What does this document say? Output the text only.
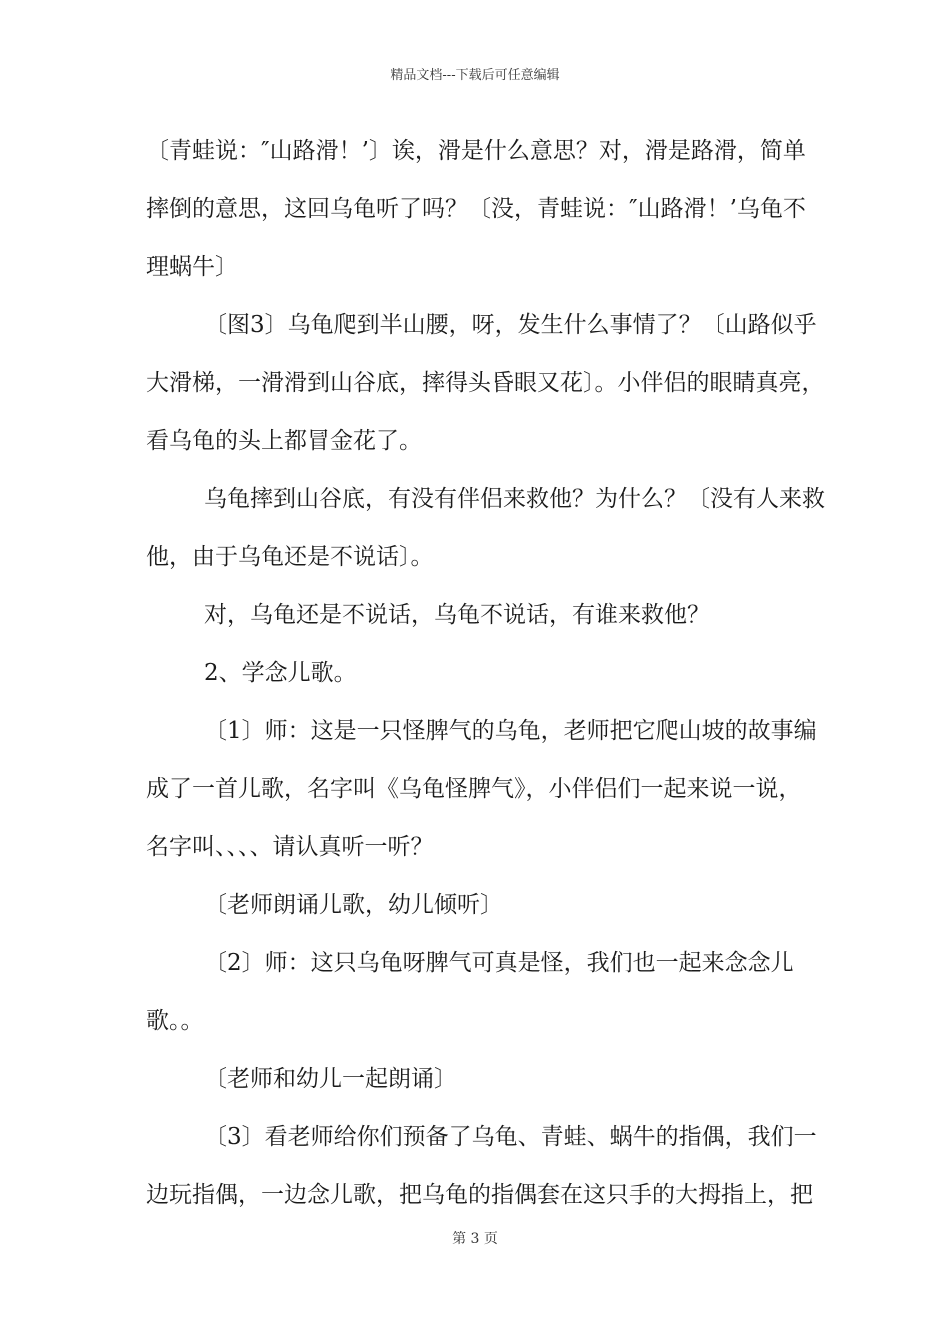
精品文档---下载后可任意编辑
〔青蛙说：″山路滑！’〕诶，滑是什么意思？对，滑是路滑，简单
摔倒的意思，这回乌龟听了吗？〔没，青蛙说：″山路滑！’乌龟不
理蜗牛〕
〔图3〕乌龟爬到半山腰，呀，发生什么事情了？〔山路似乎
大滑梯，一滑滑到山谷底，摔得头昏眼又花〕。小伴侣的眼睛真亮，
看乌龟的头上都冒金花了。
乌龟摔到山谷底，有没有伴侣来救他？为什么？〔没有人来救
他，由于乌龟还是不说话〕。
对，乌龟还是不说话，乌龟不说话，有谁来救他？
2、学念儿歌。
〔1〕师：这是一只怪脾气的乌龟，老师把它爬山坡的故事编
成了一首儿歌，名字叫《乌龟怪脾气》，小伴侣们一起来说一说，
名字叫、、、、请认真听一听？
〔老师朗诵儿歌，幼儿倾听〕
〔2〕师：这只乌龟呀脾气可真是怪，我们也一起来念念儿
歌。。
〔老师和幼儿一起朗诵〕
〔3〕看老师给你们预备了乌龟、青蛙、蜗牛的指偶，我们一
边玩指偶，一边念儿歌，把乌龟的指偶套在这只手的大拇指上，把
第 3 页
